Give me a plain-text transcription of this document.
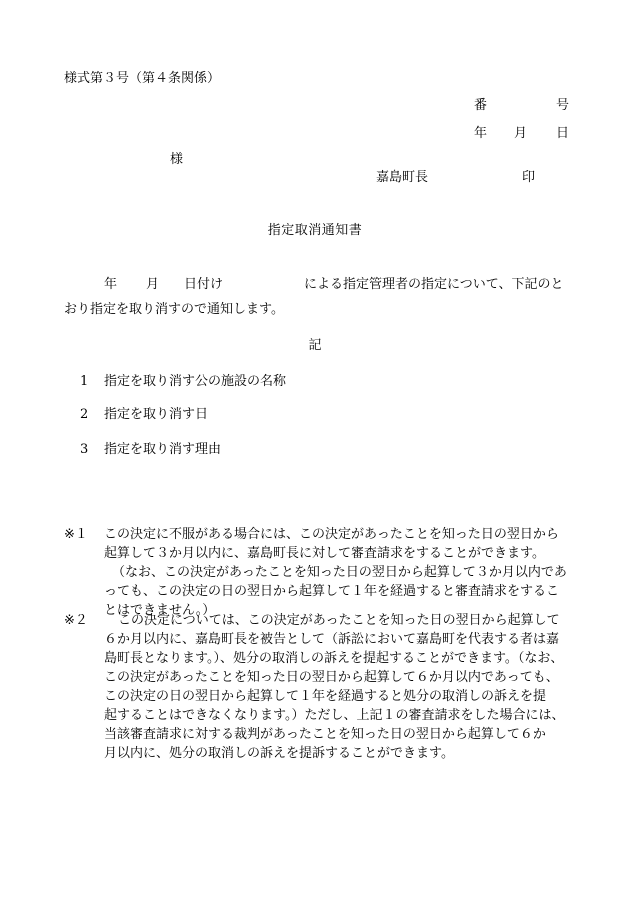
様式第３号（第４条関係）
番	号
年 月 日
様
嘉島町長	印
指定取消通知書
年 月 日付け	による指定管理者の指定について、下記のと
おり指定を取り消すので通知します。
記
1 指定を取り消す公の施設の名称
2 指定を取り消す日
3 指定を取り消す理由
※１ この決定に不服がある場合には、この決定があったことを知った日の翌日から
起算して３か月以内に、嘉島町長に対して審査請求をすることができます。
（なお、この決定があったことを知った日の翌日から起算して３か月以内であ
っても、この決定の日の翌日から起算して１年を経過すると審査請求をするこ
とはできません。）
※２ この決定については、この決定があったことを知った日の翌日から起算して
６か月以内に、嘉島町長を被告として（訴訟において嘉島町を代表する者は嘉
島町長となります。）、処分の取消しの訴えを提起することができます。（なお、
この決定があったことを知った日の翌日から起算して６か月以内であっても、
この決定の日の翌日から起算して１年を経過すると処分の取消しの訴えを提
起することはできなくなります。）ただし、上記１の審査請求をした場合には、
当該審査請求に対する裁判があったことを知った日の翌日から起算して６か
月以内に、処分の取消しの訴えを提訴することができます。
